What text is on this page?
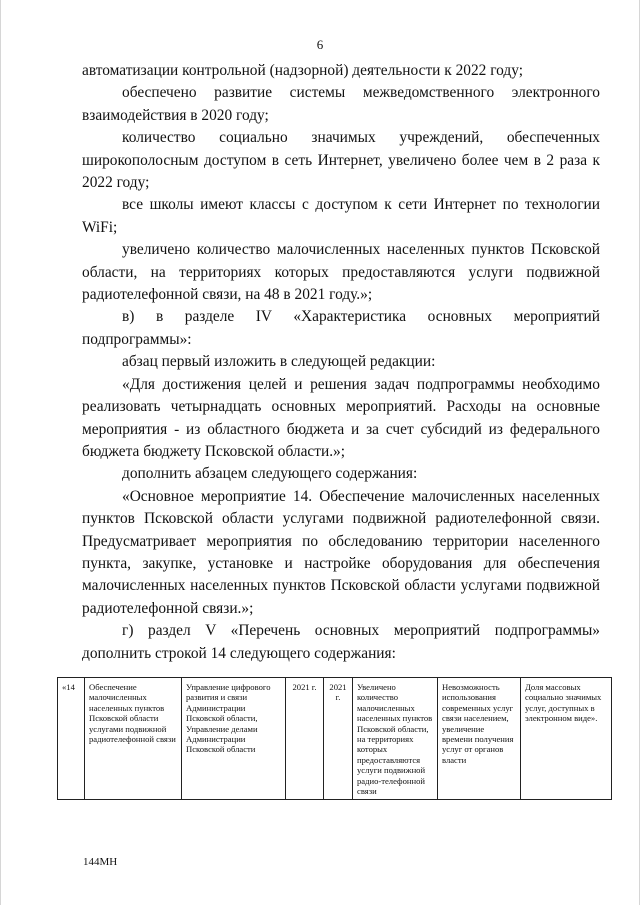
6

автоматизации контрольной (надзорной) деятельности к 2022 году;

обеспечено развитие системы межведомственного электронного взаимодействия в 2020 году;

количество социально значимых учреждений, обеспеченных широкополосным доступом в сеть Интернет, увеличено более чем в 2 раза к 2022 году;

все школы имеют классы с доступом к сети Интернет по технологии WiFi;

увеличено количество малочисленных населенных пунктов Псковской области, на территориях которых предоставляются услуги подвижной радиотелефонной связи, на 48 в 2021 году.»;

в) в разделе IV «Характеристика основных мероприятий подпрограммы»:

абзац первый изложить в следующей редакции:

«Для достижения целей и решения задач подпрограммы необходимо реализовать четырнадцать основных мероприятий. Расходы на основные мероприятия - из областного бюджета и за счет субсидий из федерального бюджета бюджету Псковской области.»;

дополнить абзацем следующего содержания:

«Основное мероприятие 14. Обеспечение малочисленных населенных пунктов Псковской области услугами подвижной радиотелефонной связи. Предусматривает мероприятия по обследованию территории населенного пункта, закупке, установке и настройке оборудования для обеспечения малочисленных населенных пунктов Псковской области услугами подвижной радиотелефонной связи.»;

г) раздел V «Перечень основных мероприятий подпрограммы» дополнить строкой 14 следующего содержания:

«14	Обеспечение малочисленных населенных пунктов Псковской области услугами подвижной радиотелефонной связи	Управление цифрового развития и связи Администрации Псковской области, Управление делами Администрации Псковской области	2021 г.	2021 г.	Увеличено количество малочисленных населенных пунктов Псковской области, на территориях которых предоставляются услуги подвижной радио-телефонной связи	Невозможность использования современных услуг связи населением, увеличение времени получения услуг от органов власти	Доля массовых социально значимых услуг, доступных в электронном виде».
144МН
